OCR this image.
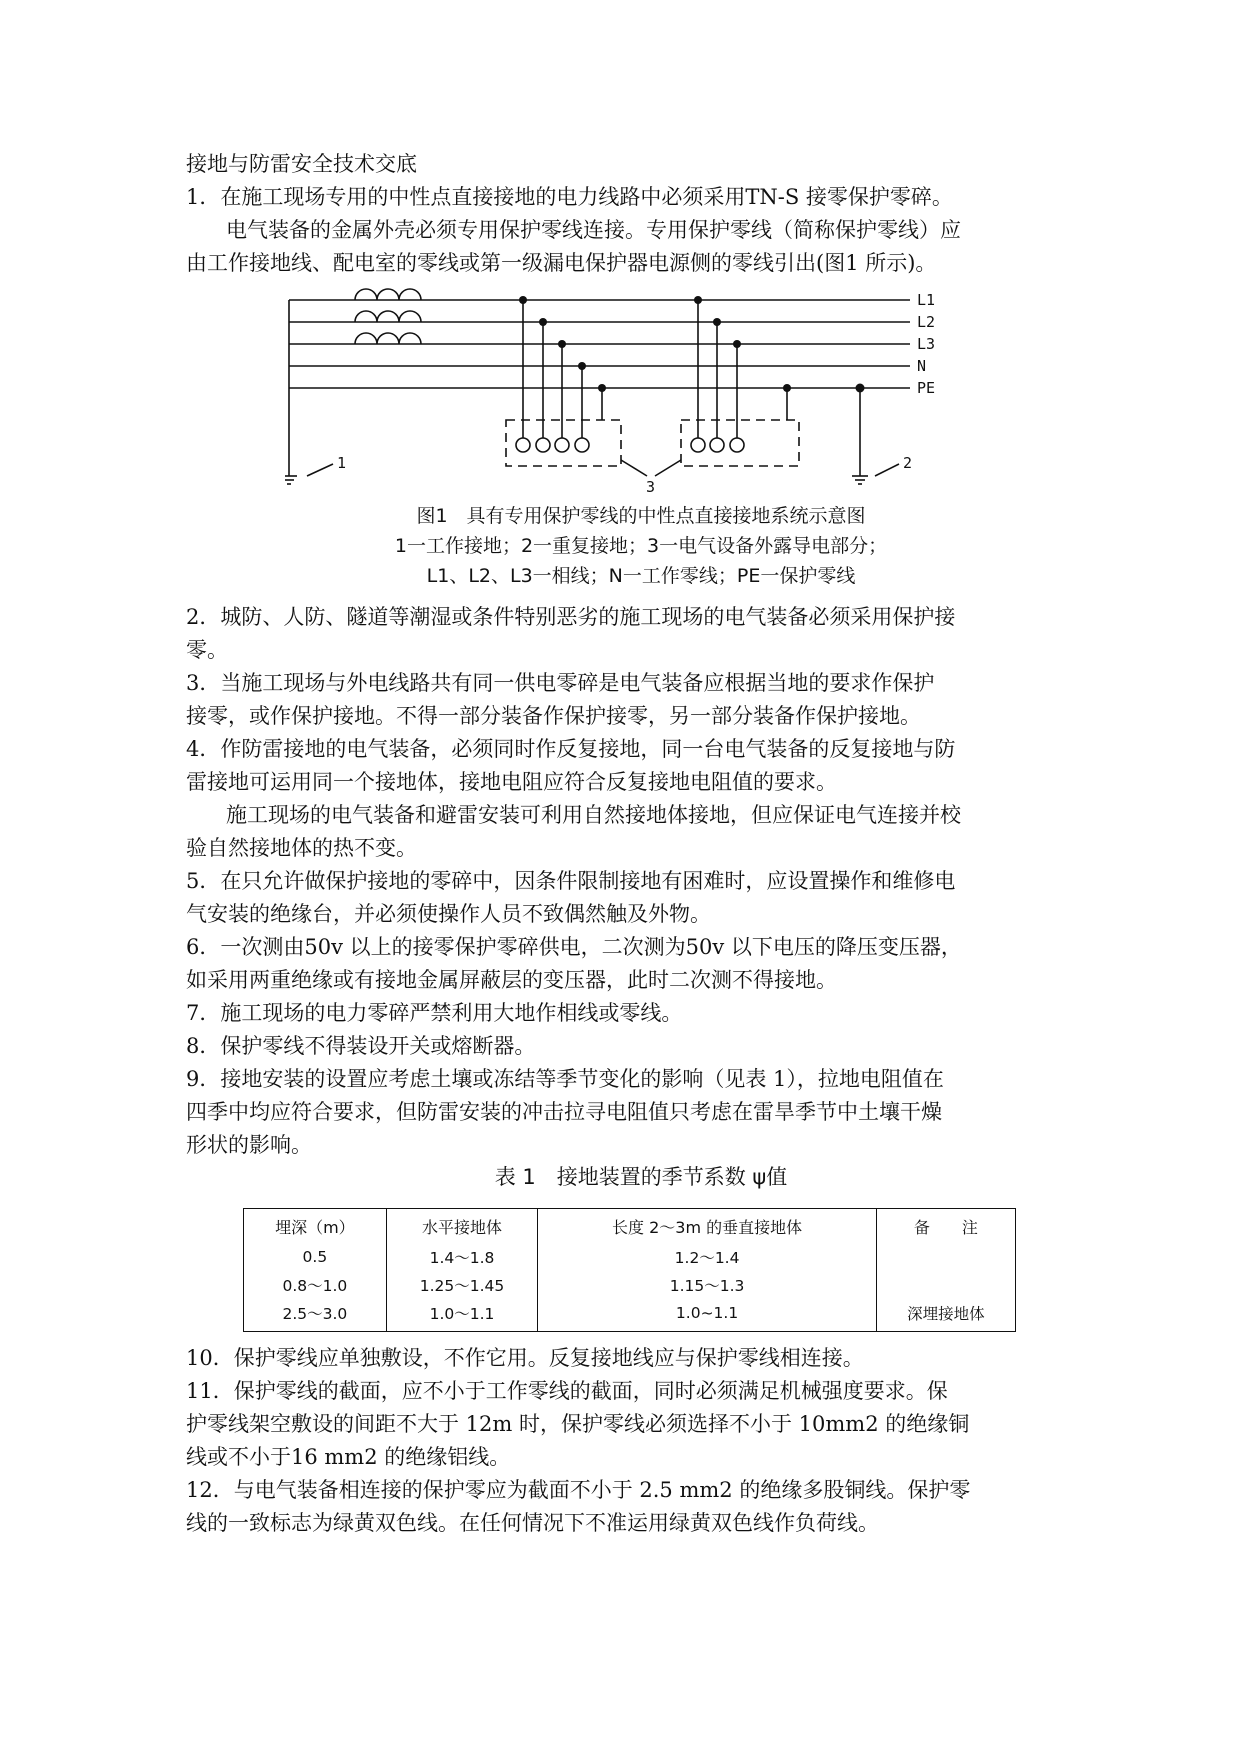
接地与防雷安全技术交底
1．在施工现场专用的中性点直接接地的电力线路中必须采用TN-S 接零保护零碎。
电气装备的金属外壳必须专用保护零线连接。专用保护零线（简称保护零线）应
由工作接地线、配电室的零线或第一级漏电保护器电源侧的零线引出(图1 所示)。
L1
L2
L3
N
PE
1	2
3
图1　具有专用保护零线的中性点直接接地系统示意图
1一工作接地；2一重复接地；3一电气设备外露导电部分；
L1、L2、L3一相线；N一工作零线；PE一保护零线
2．城防、人防、隧道等潮湿或条件特别恶劣的施工现场的电气装备必须采用保护接
零。
3．当施工现场与外电线路共有同一供电零碎是电气装备应根据当地的要求作保护
接零，或作保护接地。不得一部分装备作保护接零，另一部分装备作保护接地。
4．作防雷接地的电气装备，必须同时作反复接地，同一台电气装备的反复接地与防
雷接地可运用同一个接地体，接地电阻应符合反复接地电阻值的要求。
施工现场的电气装备和避雷安装可利用自然接地体接地，但应保证电气连接并校
验自然接地体的热不变。
5．在只允许做保护接地的零碎中，因条件限制接地有困难时，应设置操作和维修电
气安装的绝缘台，并必须使操作人员不致偶然触及外物。
6．一次测由50v 以上的接零保护零碎供电，二次测为50v 以下电压的降压变压器，
如采用两重绝缘或有接地金属屏蔽层的变压器，此时二次测不得接地。
7．施工现场的电力零碎严禁利用大地作相线或零线。
8．保护零线不得装设开关或熔断器。
9．接地安装的设置应考虑土壤或冻结等季节变化的影响（见表 1），拉地电阻值在
四季中均应符合要求，但防雷安装的冲击拉寻电阻值只考虑在雷旱季节中土壤干燥
形状的影响。
表 1　接地装置的季节系数 ψ值
埋深（m）	水平接地体	长度 2～3m 的垂直接地体	备　　注
0.5	1.4～1.8	1.2～1.4	
0.8～1.0	1.25～1.45	1.15～1.3	
2.5～3.0	1.0～1.1	1.0~1.1	深埋接地体
10．保护零线应单独敷设，不作它用。反复接地线应与保护零线相连接。
11．保护零线的截面，应不小于工作零线的截面，同时必须满足机械强度要求。保
护零线架空敷设的间距不大于 12m 时，保护零线必须选择不小于 10mm2 的绝缘铜
线或不小于16 mm2 的绝缘铝线。
12．与电气装备相连接的保护零应为截面不小于 2.5 mm2 的绝缘多股铜线。保护零
线的一致标志为绿黄双色线。在任何情况下不准运用绿黄双色线作负荷线。
